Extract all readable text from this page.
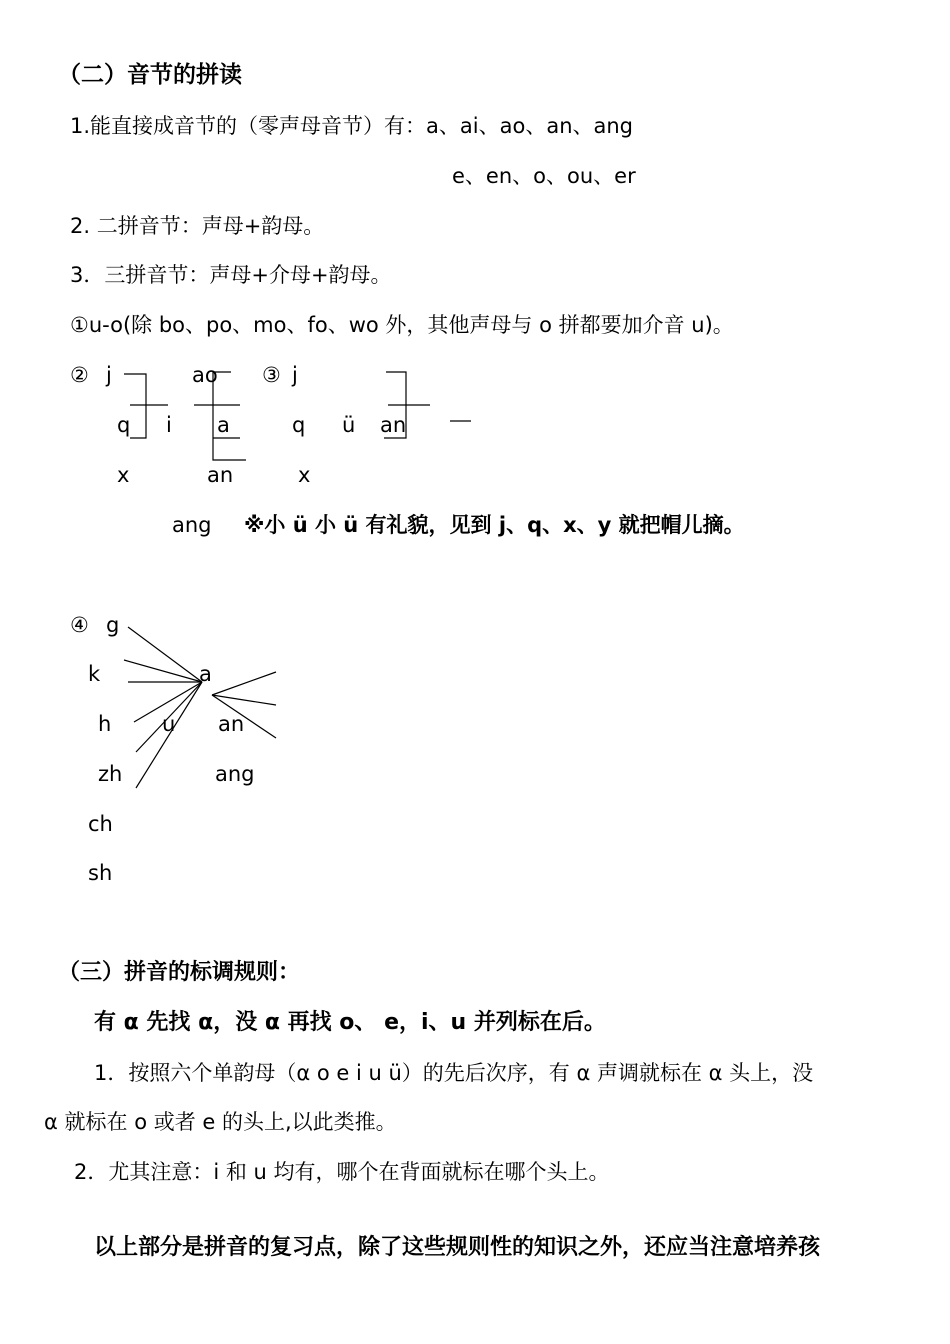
（二）音节的拼读
1.能直接成音节的（零声母音节）有：a、ai、ao、an、ang
e、en、o、ou、er
2. 二拼音节：声母+韵母。
3．三拼音节：声母+介母+韵母。
①u-o(除 bo、po、mo、fo、wo 外，其他声母与 o 拼都要加介音 u)。
② j
q
x
i
ao
a
an
ang
③ j
q
x
ü an
※小 ü 小 ü 有礼貌，见到 j、q、x、y 就把帽儿摘。
④ g
k
h
zh
ch
sh
u
a
an
ang
（三）拼音的标调规则：
有 α 先找 α，没 α 再找 o、 e，i、u 并列标在后。
1．按照六个单韵母（α o e i u ü）的先后次序，有 α 声调就标在 α 头上，没
α 就标在 o 或者 e 的头上,以此类推。
2．尤其注意：i 和 u 均有，哪个在背面就标在哪个头上。
以上部分是拼音的复习点，除了这些规则性的知识之外，还应当注意培养孩
